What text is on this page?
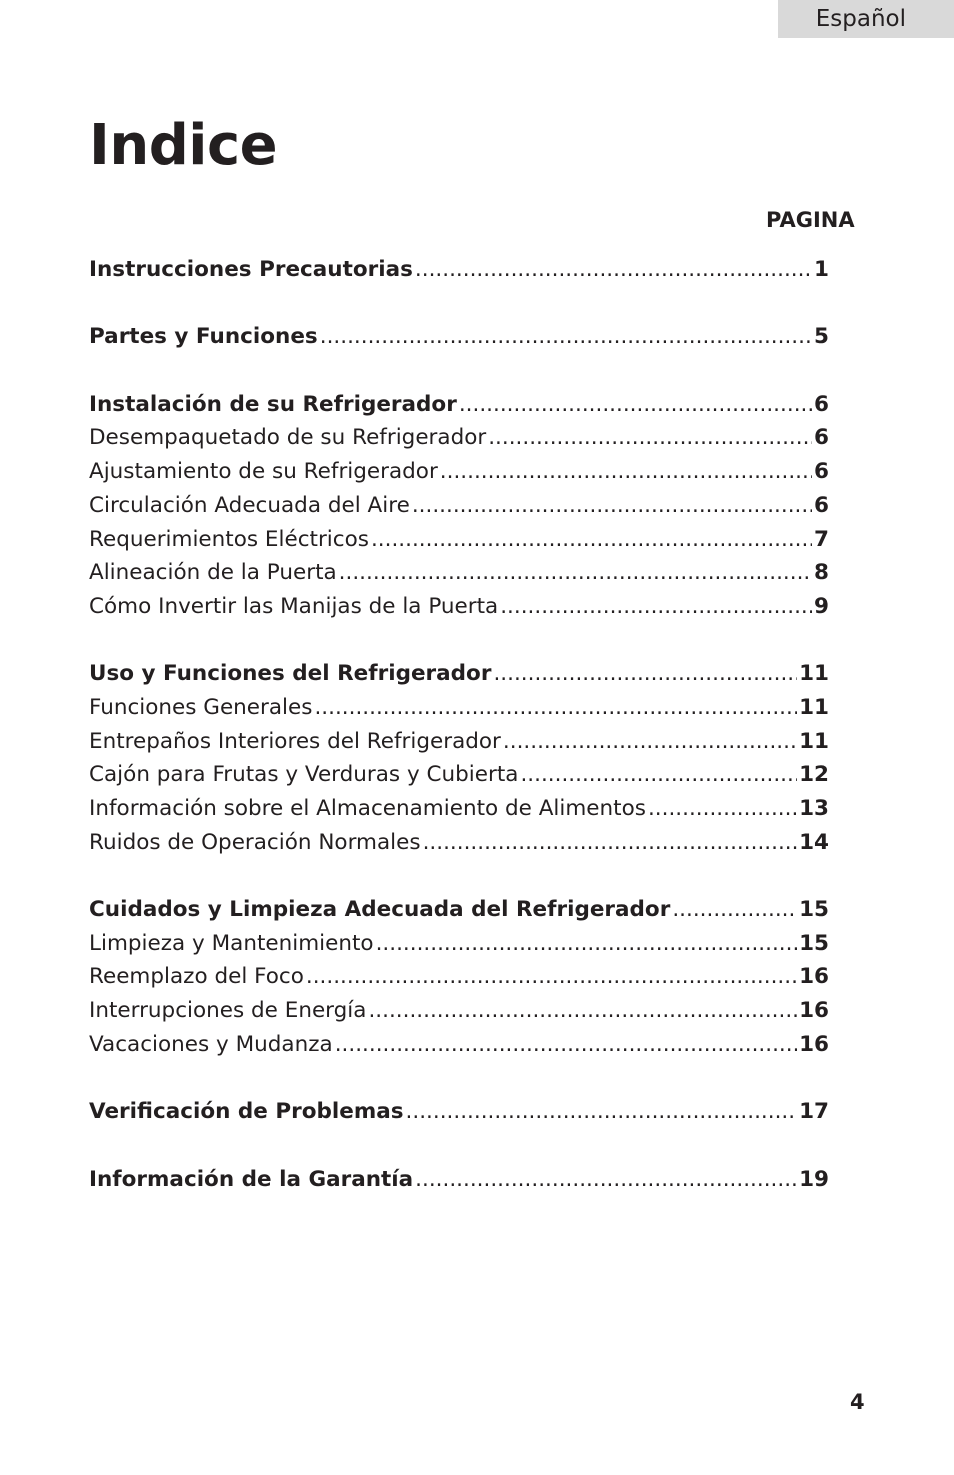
Español
Indice
PAGINA
Instrucciones Precautorias .....	1
Partes y Funciones .....	5
Instalación de su Refrigerador .....	6
Desempaquetado de su Refrigerador .....	6
Ajustamiento de su Refrigerador .....	6
Circulación Adecuada del Aire .....	6
Requerimientos Eléctricos .....	7
Alineación de la Puerta .....	8
Cómo Invertir las Manijas de la Puerta .....	9
Uso y Funciones del Refrigerador .....	11
Funciones Generales .....	11
Entrepaños Interiores del Refrigerador .....	11
Cajón para Frutas y Verduras y Cubierta .....	12
Información sobre el Almacenamiento de Alimentos .....	13
Ruidos de Operación Normales .....	14
Cuidados y Limpieza Adecuada del Refrigerador .....	15
Limpieza y Mantenimiento .....	15
Reemplazo del Foco .....	16
Interrupciones de Energía .....	16
Vacaciones y Mudanza .....	16
Verificación de Problemas .....	17
Información de la Garantía .....	19
4
